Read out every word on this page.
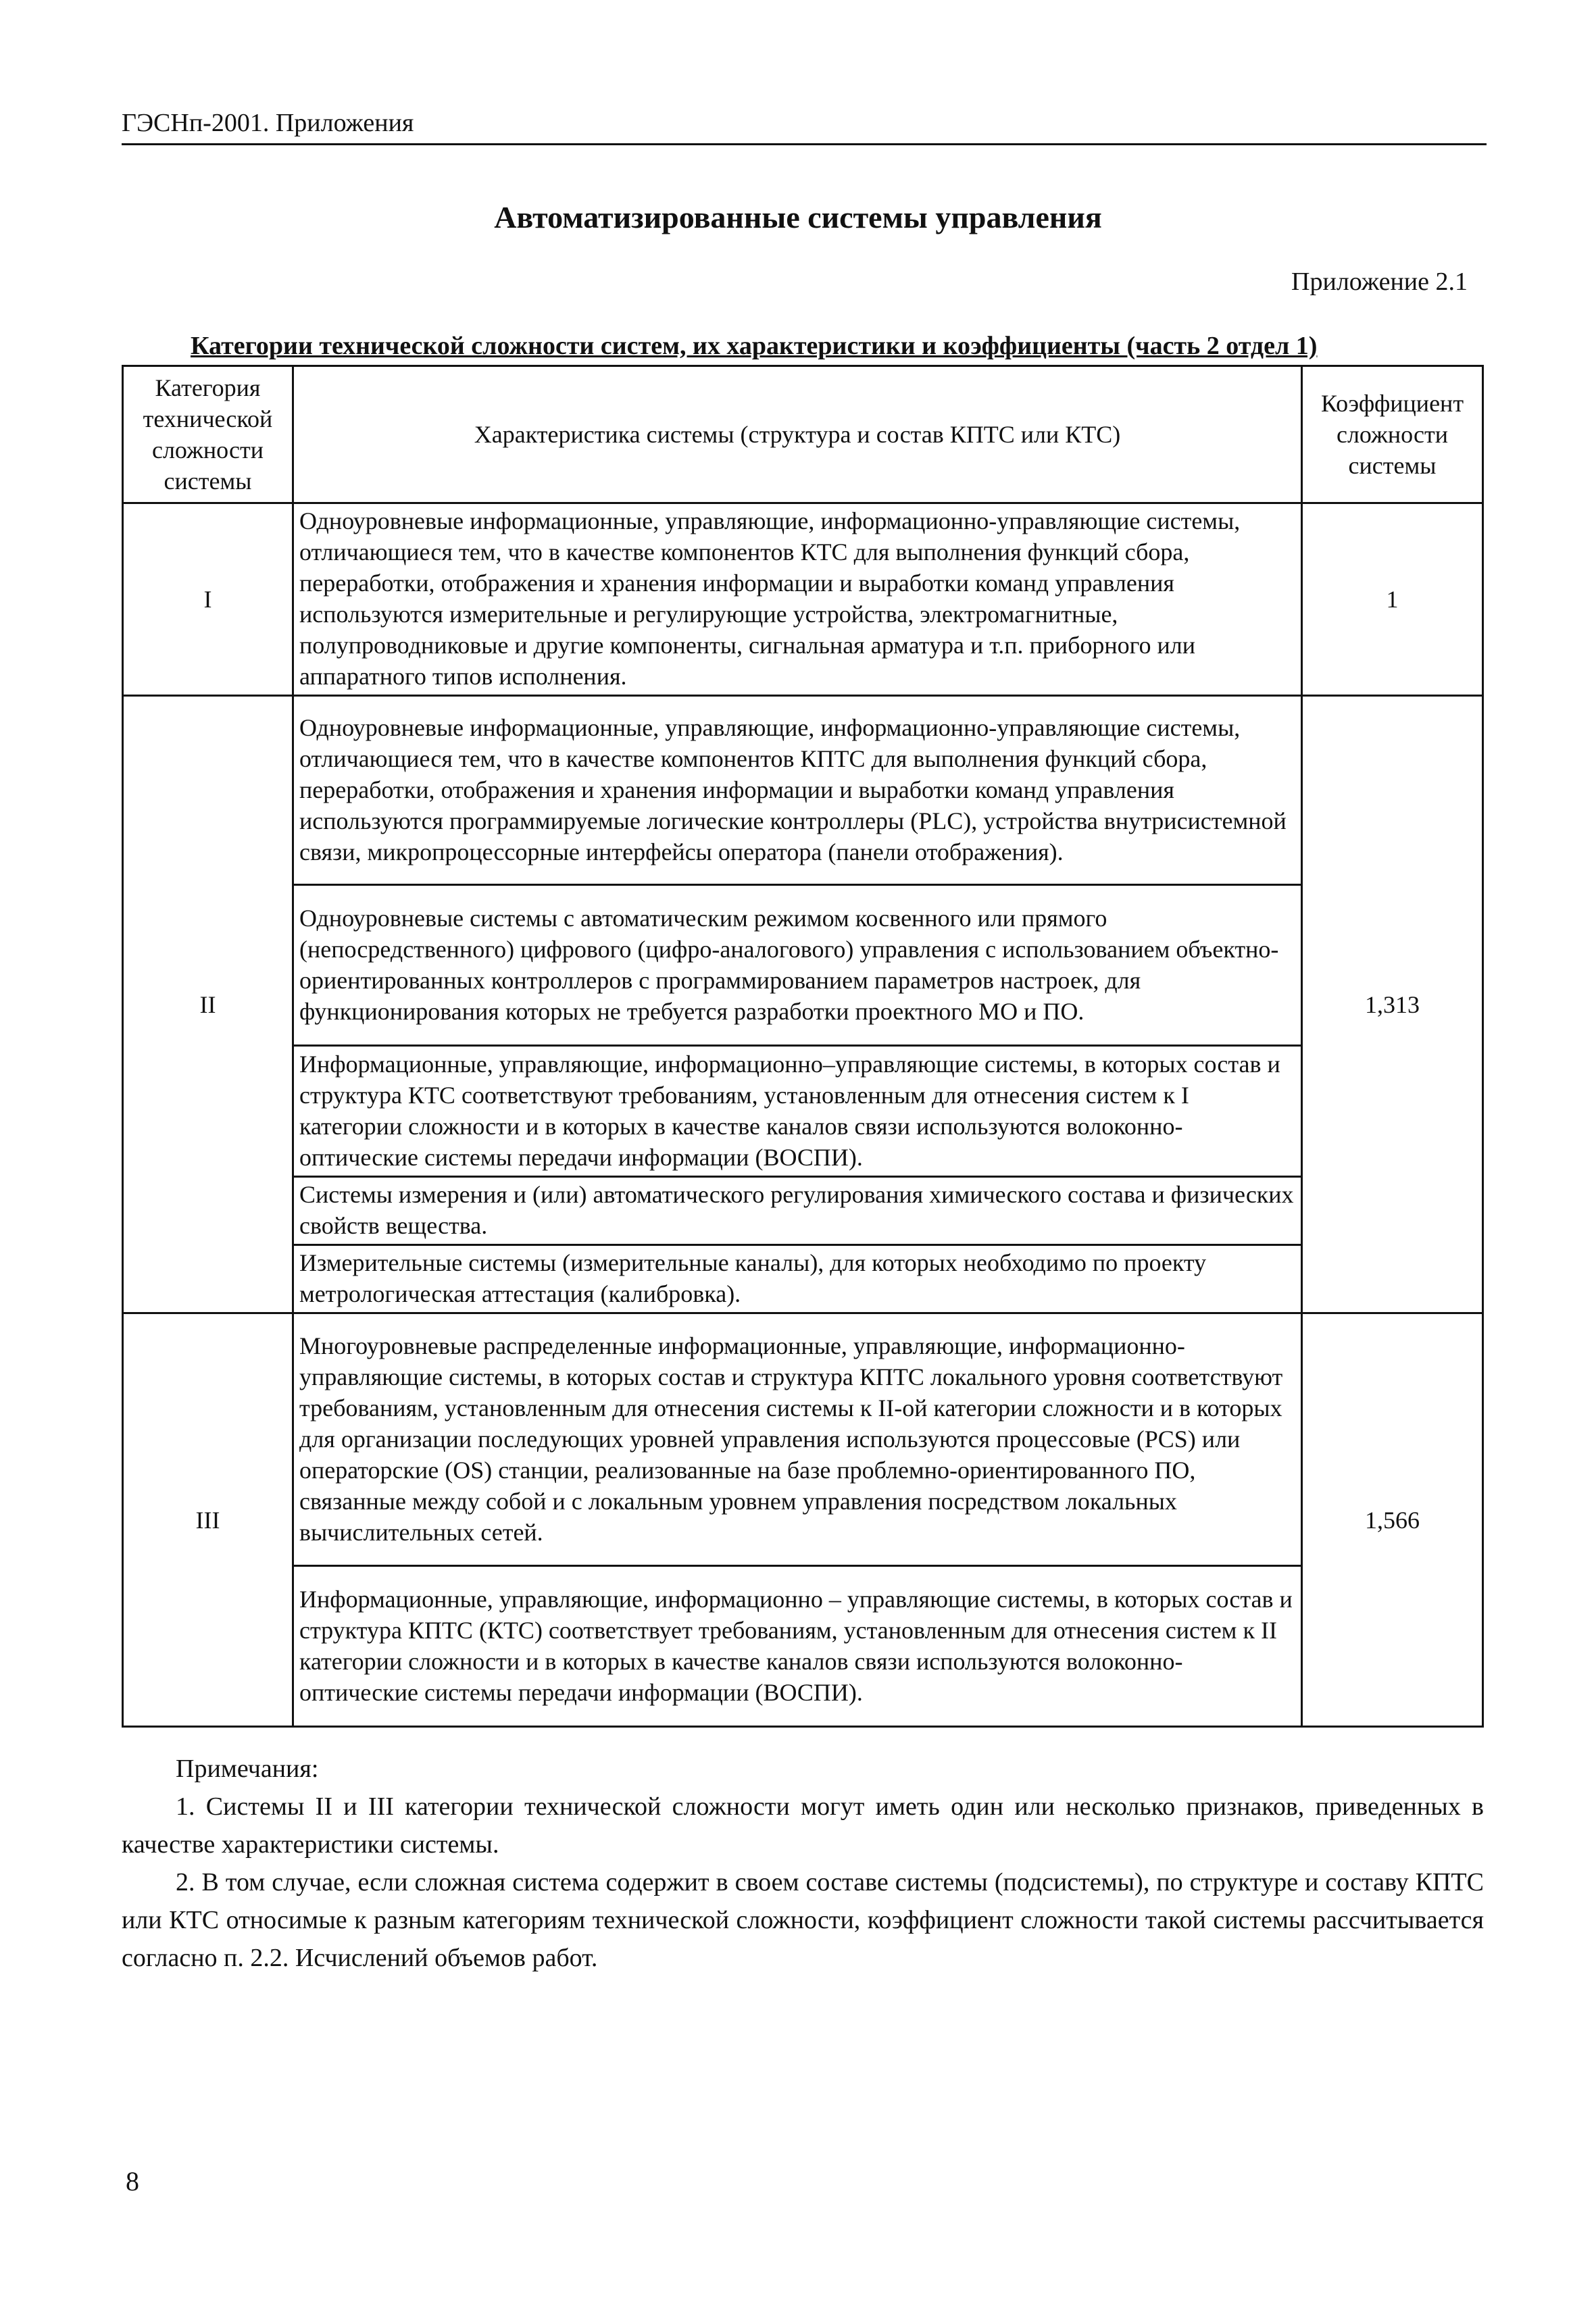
ГЭСНп-2001. Приложения
Автоматизированные системы управления
Приложение 2.1
Категории технической сложности систем, их характеристики и коэффициенты (часть 2 отдел 1)
Категория технической сложности системы	Характеристика системы (структура и состав КПТС или КТС)	Коэффициент сложности системы
I	Одноуровневые информационные, управляющие, информационно-управляющие системы, отличающиеся тем, что в качестве компонентов КТС для выполнения функций сбора, переработки, отображения и хранения информации и выработки команд управления используются измерительные и регулирующие устройства, электромагнитные, полупроводниковые и другие компоненты, сигнальная арматура и т.п. приборного или аппаратного типов исполнения.	1
II	Одноуровневые информационные, управляющие, информационно-управляющие системы, отличающиеся тем, что в качестве компонентов КПТС для выполнения функций сбора, переработки, отображения и хранения информации и выработки команд управления используются программируемые логические контроллеры (PLC), устройства внутрисистемной связи, микропроцессорные интерфейсы оператора (панели отображения).	1,313
	Одноуровневые системы с автоматическим режимом косвенного или прямого (непосредственного) цифрового (цифро-аналогового) управления с использованием объектно-ориентированных контроллеров с программированием параметров настроек, для функционирования которых не требуется разработки проектного МО и ПО.	
	Информационные, управляющие, информационно–управляющие системы, в которых состав и структура КТС соответствуют требованиям, установленным для отнесения систем к I категории сложности и в которых в качестве каналов связи используются волоконно-оптические системы передачи информации (ВОСПИ).	
	Системы измерения и (или) автоматического регулирования химического состава и физических свойств вещества.	
	Измерительные системы (измерительные каналы), для которых необходимо по проекту метрологическая аттестация (калибровка).	
III	Многоуровневые распределенные информационные, управляющие, информационно-управляющие системы, в которых состав и структура КПТС локального уровня соответствуют требованиям, установленным для отнесения системы к II-ой категории сложности и в которых для организации последующих уровней управления используются процессовые (PCS) или операторские (OS) станции, реализованные на базе проблемно-ориентированного ПО, связанные между собой и с локальным уровнем управления посредством локальных вычислительных сетей.	1,566
	Информационные, управляющие, информационно – управляющие системы, в которых состав и структура КПТС (КТС) соответствует требованиям, установленным для отнесения систем к II категории сложности и в которых в качестве каналов связи используются волоконно-оптические системы передачи информации (ВОСПИ).	
Примечания:
1. Системы II и III категории технической сложности могут иметь один или несколько признаков, приведенных в качестве характеристики системы.
2. В том случае, если сложная система содержит в своем составе системы (подсистемы), по структуре и составу КПТС или КТС относимые к разным категориям технической сложности, коэффициент сложности такой системы рассчитывается согласно п. 2.2. Исчислений объемов работ.
8
